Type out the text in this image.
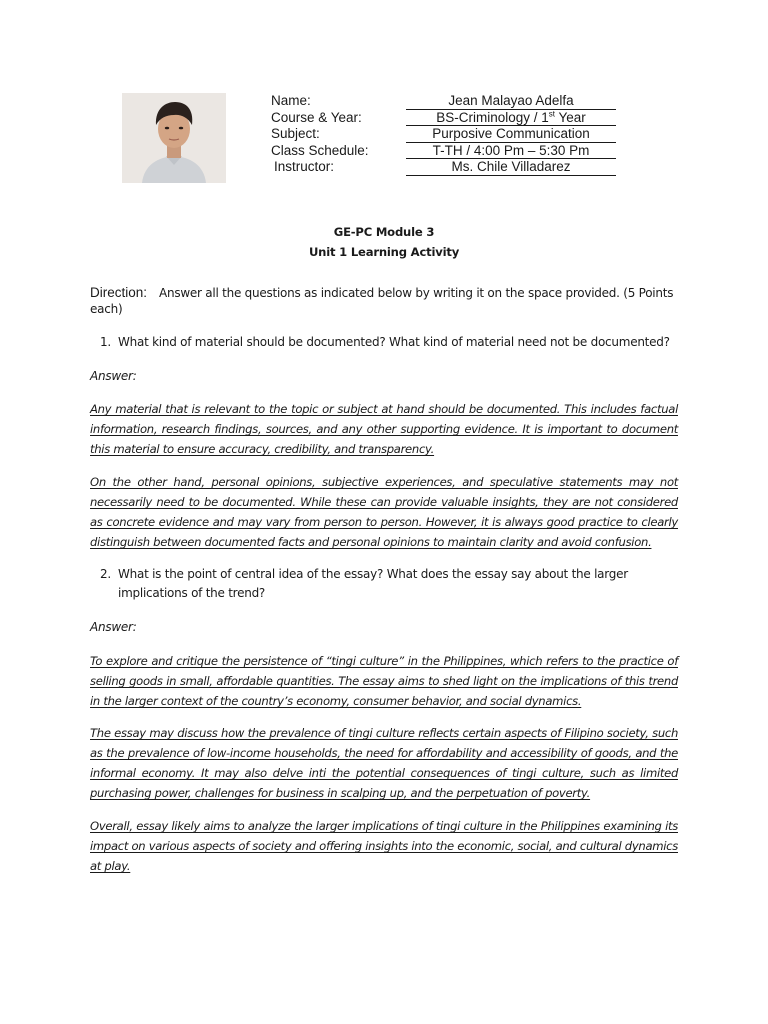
Name:	Jean Malayao Adelfa
Course & Year:	BS-Criminology / 1st Year
Subject:	Purposive Communication
Class Schedule:	T-TH / 4:00 Pm – 5:30 Pm
Instructor:	Ms. Chile Villadarez
GE-PC Module 3
Unit 1 Learning Activity
Direction: Answer all the questions as indicated below by writing it on the space provided. (5 Points each)
1. What kind of material should be documented? What kind of material need not be documented?
Answer:

Any material that is relevant to the topic or subject at hand should be documented. This includes factual information, research findings, sources, and any other supporting evidence. It is important to document this material to ensure accuracy, credibility, and transparency.

On the other hand, personal opinions, subjective experiences, and speculative statements may not necessarily need to be documented. While these can provide valuable insights, they are not considered as concrete evidence and may vary from person to person. However, it is always good practice to clearly distinguish between documented facts and personal opinions to maintain clarity and avoid confusion.

2. What is the point of central idea of the essay? What does the essay say about the larger implications of the trend?
Answer:

To explore and critique the persistence of “tingi culture” in the Philippines, which refers to the practice of selling goods in small, affordable quantities. The essay aims to shed light on the implications of this trend in the larger context of the country’s economy, consumer behavior, and social dynamics.

The essay may discuss how the prevalence of tingi culture reflects certain aspects of Filipino society, such as the prevalence of low-income households, the need for affordability and accessibility of goods, and the informal economy. It may also delve inti the potential consequences of tingi culture, such as limited purchasing power, challenges for business in scalping up, and the perpetuation of poverty.

Overall, essay likely aims to analyze the larger implications of tingi culture in the Philippines examining its impact on various aspects of society and offering insights into the economic, social, and cultural dynamics at play.
